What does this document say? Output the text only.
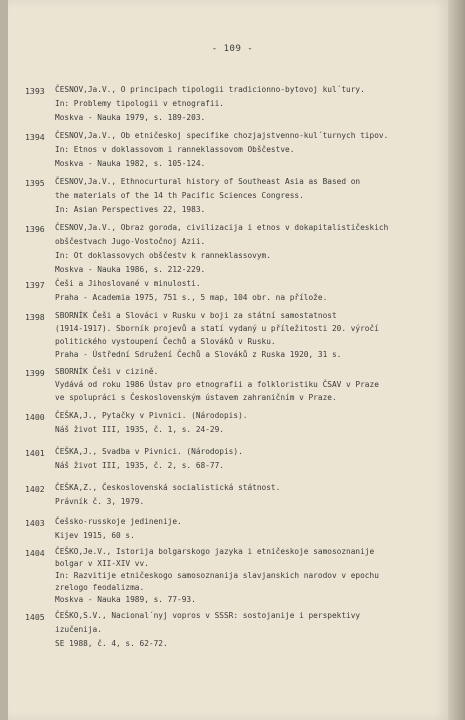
- 109 -
1393 ČESNOV,Ja.V., O principach tipologii tradicionno-bytovoj kul´tury.
In: Problemy tipologii v etnografii.
Moskva - Nauka 1979, s. 189-203.
1394 ČESNOV,Ja.V., Ob etničeskoj specifike chozjajstvenno-kul´turnych tipov.
In: Etnos v doklassovom i ranneklassovom Obščestve.
Moskva - Nauka 1982, s. 105-124.
1395 ČESNOV,Ja.V., Ethnocurtural history of Southeast Asia as Based on
the materials of the 14 th Pacific Sciences Congress.
In: Asian Perspectives 22, 1983.
1396 ČESNOV,Ja.V., Obraz goroda, civilizacija i etnos v dokapitalističeskich
obščestvach Jugo-Vostočnoj Azii.
In: Ot doklassovych obščestv k ranneklassovym.
Moskva - Nauka 1986, s. 212-229.
1397 Češi a Jihoslované v minulosti.
Praha - Academia 1975, 751 s., 5 map, 104 obr. na přílože.
1398 SBORNÍK Češi a Slováci v Rusku v boji za státní samostatnost
(1914-1917). Sborník projevů a statí vydaný u příležitosti 20. výročí
politického vystoupení Čechů a Slováků v Rusku.
Praha - Ústřední Sdružení Čechů a Slováků z Ruska 1920, 31 s.
1399 SBORNÍK Češi v cizině.
Vydává od roku 1986 Ústav pro etnografii a folkloristiku ČSAV v Praze
ve spolupráci s Československým ústavem zahraničním v Praze.
1400 ČEŠKA,J., Pytačky v Pivnici. (Národopis).
Náš život III, 1935, č. 1, s. 24-29.
1401 ČEŠKA,J., Svadba v Pivnici. (Národopis).
Náš život III, 1935, č. 2, s. 68-77.
1402 ČEŠKA,Z., Československá socialistická státnost.
Právník č. 3, 1979.
1403 Češsko-russkoje jedinenije.
Kijev 1915, 60 s.
1404 ČEŠKO,Je.V., Istorija bolgarskogo jazyka i etničeskoje samosoznanije
bolgar v XII-XIV vv.
In: Razvitije etničeskogo samosoznanija slavjanskich narodov v epochu
zrelogo feodalizma.
Moskva - Nauka 1989, s. 77-93.
1405 ČEŠKO,S.V., Nacional´nyj vopros v SSSR: sostojanije i perspektivy
izučenija.
SE 1988, č. 4, s. 62-72.
